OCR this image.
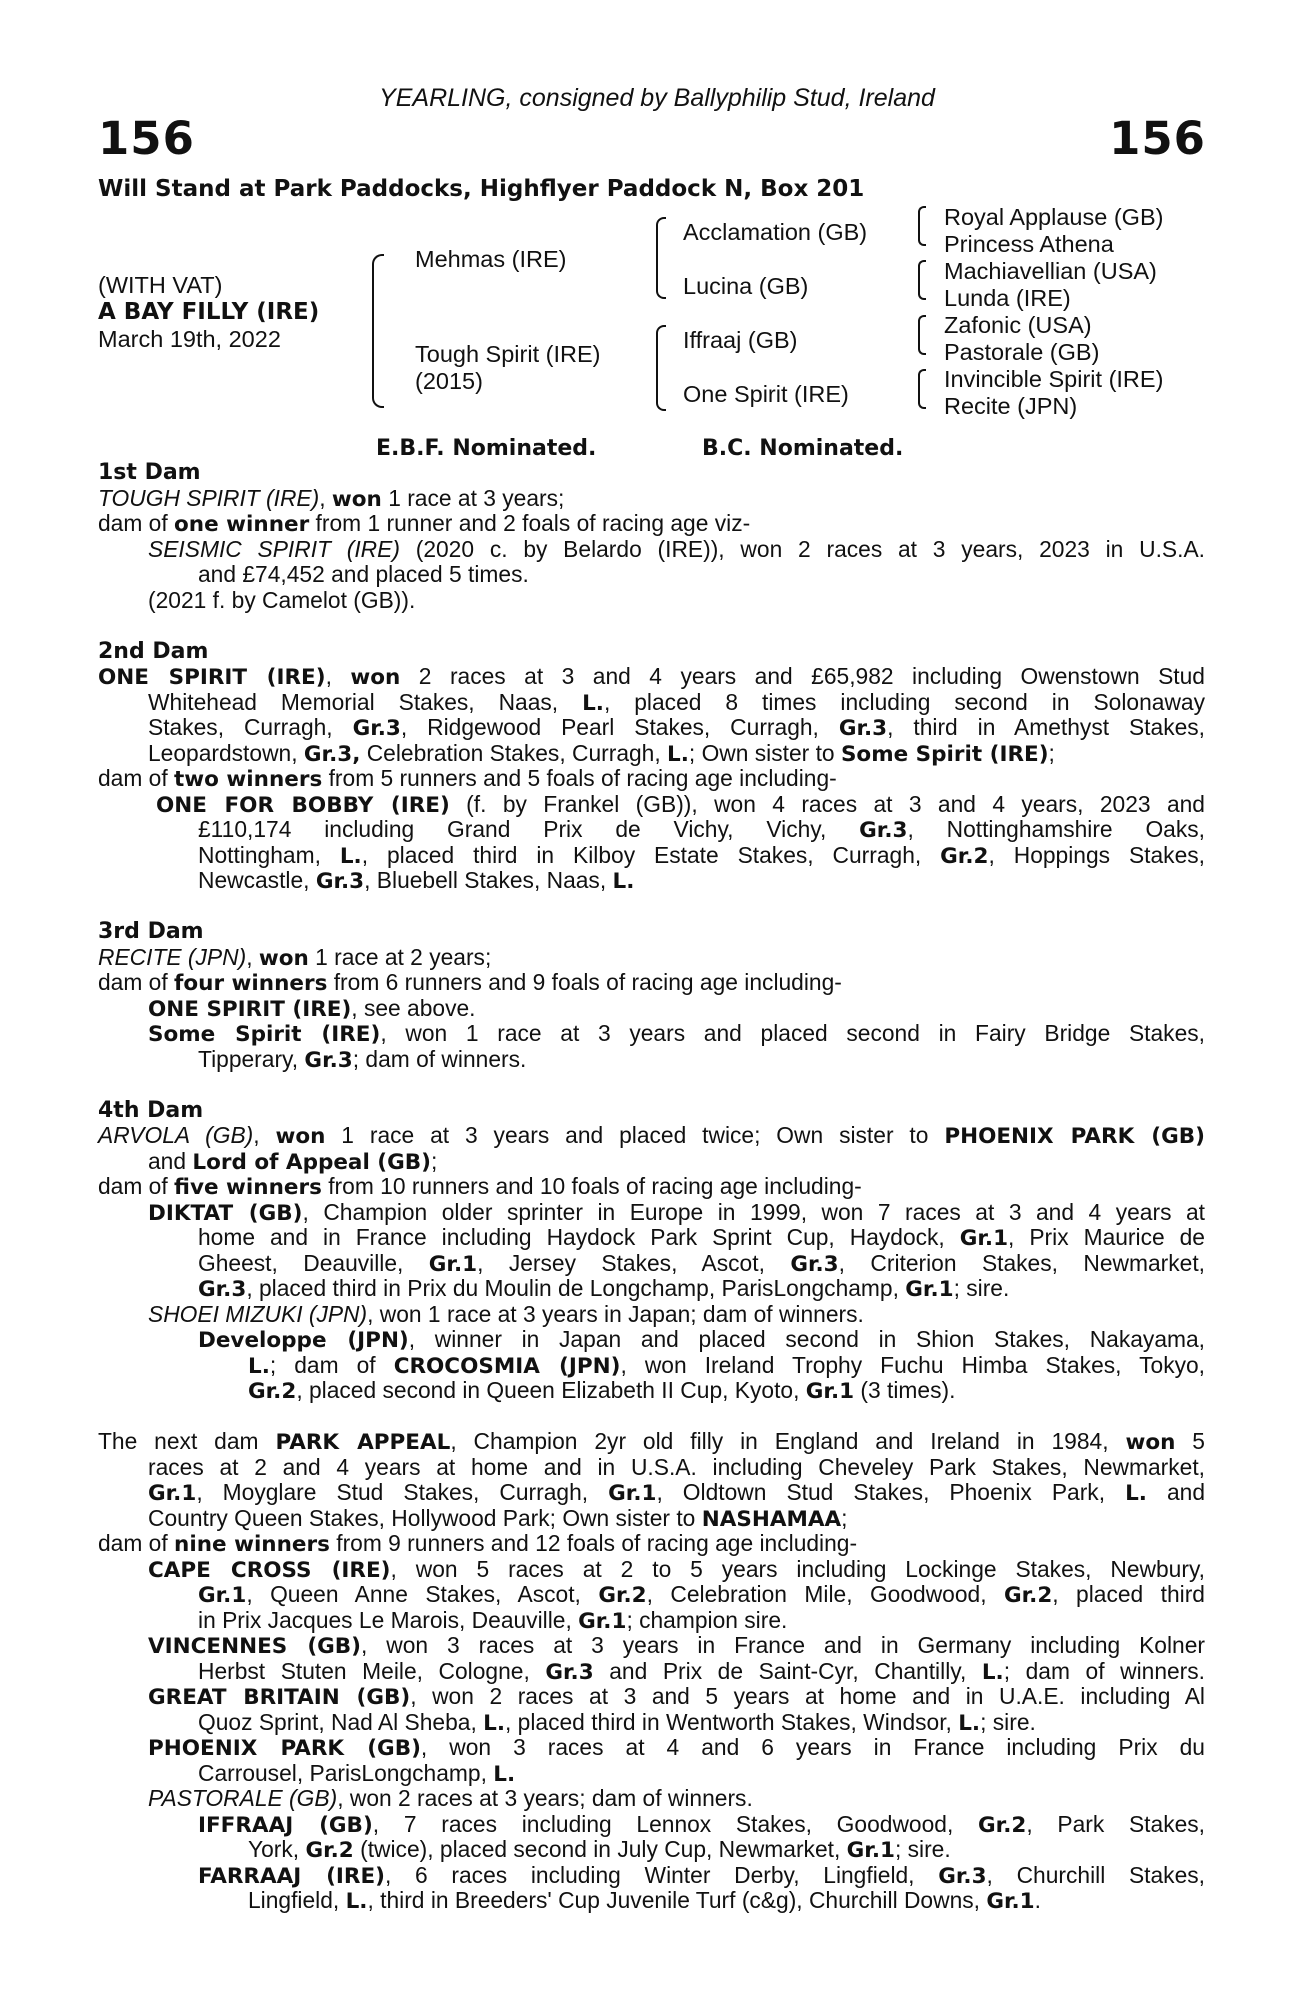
YEARLING, consigned by Ballyphilip Stud, Ireland
156	156
Will Stand at Park Paddocks, Highflyer Paddock N, Box 201
(WITH VAT)
A BAY FILLY (IRE)
March 19th, 2022
Mehmas (IRE)
Tough Spirit (IRE)
(2015)
Acclamation (GB)
Lucina (GB)
Iffraaj (GB)
One Spirit (IRE)
Royal Applause (GB)
Princess Athena
Machiavellian (USA)
Lunda (IRE)
Zafonic (USA)
Pastorale (GB)
Invincible Spirit (IRE)
Recite (JPN)
E.B.F. Nominated.	B.C. Nominated.
1st Dam
TOUGH SPIRIT (IRE), won 1 race at 3 years;
dam of one winner from 1 runner and 2 foals of racing age viz-
SEISMIC SPIRIT (IRE) (2020 c. by Belardo (IRE)), won 2 races at 3 years, 2023 in U.S.A.
and £74,452 and placed 5 times.
(2021 f. by Camelot (GB)).
2nd Dam
ONE SPIRIT (IRE), won 2 races at 3 and 4 years and £65,982 including Owenstown Stud
Whitehead Memorial Stakes, Naas, L., placed 8 times including second in Solonaway
Stakes, Curragh, Gr.3, Ridgewood Pearl Stakes, Curragh, Gr.3, third in Amethyst Stakes,
Leopardstown, Gr.3, Celebration Stakes, Curragh, L.; Own sister to Some Spirit (IRE);
dam of two winners from 5 runners and 5 foals of racing age including-
ONE FOR BOBBY (IRE) (f. by Frankel (GB)), won 4 races at 3 and 4 years, 2023 and
£110,174 including Grand Prix de Vichy, Vichy, Gr.3, Nottinghamshire Oaks,
Nottingham, L., placed third in Kilboy Estate Stakes, Curragh, Gr.2, Hoppings Stakes,
Newcastle, Gr.3, Bluebell Stakes, Naas, L.
3rd Dam
RECITE (JPN), won 1 race at 2 years;
dam of four winners from 6 runners and 9 foals of racing age including-
ONE SPIRIT (IRE), see above.
Some Spirit (IRE), won 1 race at 3 years and placed second in Fairy Bridge Stakes,
Tipperary, Gr.3; dam of winners.
4th Dam
ARVOLA (GB), won 1 race at 3 years and placed twice; Own sister to PHOENIX PARK (GB)
and Lord of Appeal (GB);
dam of five winners from 10 runners and 10 foals of racing age including-
DIKTAT (GB), Champion older sprinter in Europe in 1999, won 7 races at 3 and 4 years at
home and in France including Haydock Park Sprint Cup, Haydock, Gr.1, Prix Maurice de
Gheest, Deauville, Gr.1, Jersey Stakes, Ascot, Gr.3, Criterion Stakes, Newmarket,
Gr.3, placed third in Prix du Moulin de Longchamp, ParisLongchamp, Gr.1; sire.
SHOEI MIZUKI (JPN), won 1 race at 3 years in Japan; dam of winners.
Developpe (JPN), winner in Japan and placed second in Shion Stakes, Nakayama,
L.; dam of CROCOSMIA (JPN), won Ireland Trophy Fuchu Himba Stakes, Tokyo,
Gr.2, placed second in Queen Elizabeth II Cup, Kyoto, Gr.1 (3 times).
The next dam PARK APPEAL, Champion 2yr old filly in England and Ireland in 1984, won 5
races at 2 and 4 years at home and in U.S.A. including Cheveley Park Stakes, Newmarket,
Gr.1, Moyglare Stud Stakes, Curragh, Gr.1, Oldtown Stud Stakes, Phoenix Park, L. and
Country Queen Stakes, Hollywood Park; Own sister to NASHAMAA;
dam of nine winners from 9 runners and 12 foals of racing age including-
CAPE CROSS (IRE), won 5 races at 2 to 5 years including Lockinge Stakes, Newbury,
Gr.1, Queen Anne Stakes, Ascot, Gr.2, Celebration Mile, Goodwood, Gr.2, placed third
in Prix Jacques Le Marois, Deauville, Gr.1; champion sire.
VINCENNES (GB), won 3 races at 3 years in France and in Germany including Kolner
Herbst Stuten Meile, Cologne, Gr.3 and Prix de Saint-Cyr, Chantilly, L.; dam of winners.
GREAT BRITAIN (GB), won 2 races at 3 and 5 years at home and in U.A.E. including Al
Quoz Sprint, Nad Al Sheba, L., placed third in Wentworth Stakes, Windsor, L.; sire.
PHOENIX PARK (GB), won 3 races at 4 and 6 years in France including Prix du
Carrousel, ParisLongchamp, L.
PASTORALE (GB), won 2 races at 3 years; dam of winners.
IFFRAAJ (GB), 7 races including Lennox Stakes, Goodwood, Gr.2, Park Stakes,
York, Gr.2 (twice), placed second in July Cup, Newmarket, Gr.1; sire.
FARRAAJ (IRE), 6 races including Winter Derby, Lingfield, Gr.3, Churchill Stakes,
Lingfield, L., third in Breeders' Cup Juvenile Turf (c&g), Churchill Downs, Gr.1.
